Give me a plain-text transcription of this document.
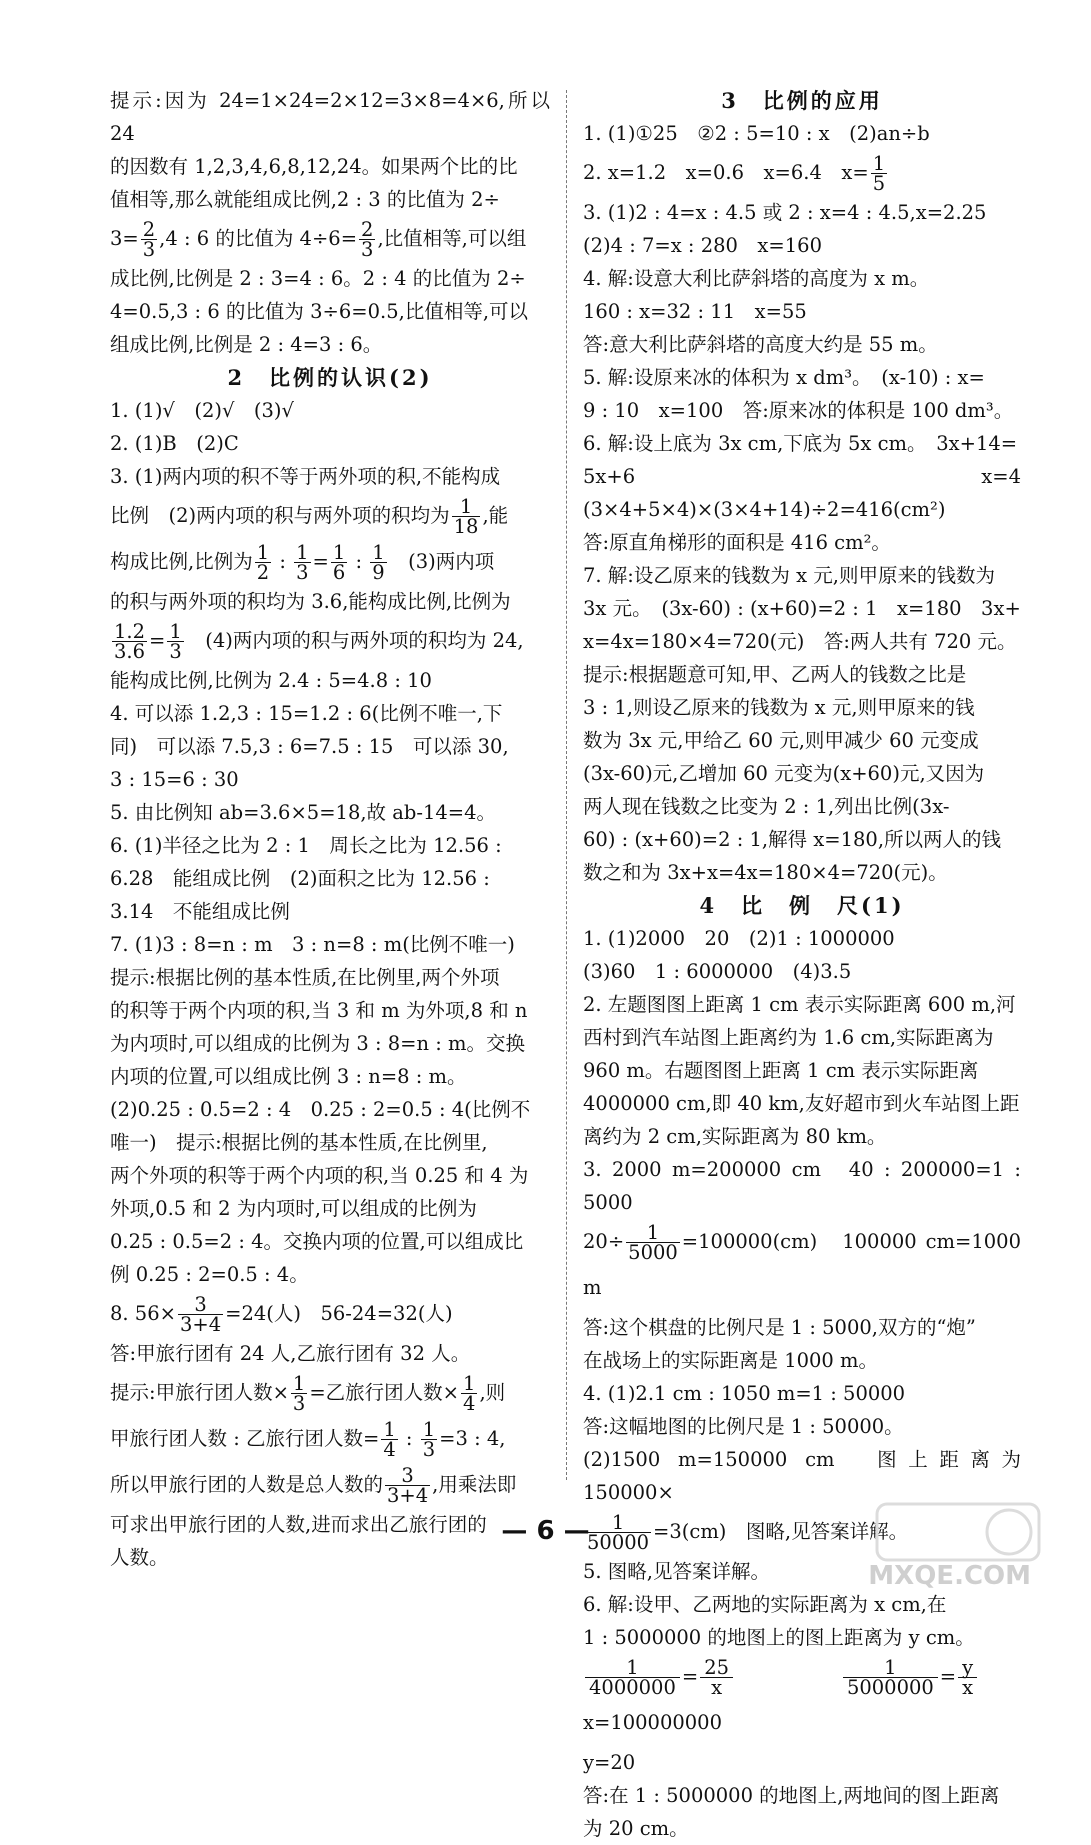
提示:因为 24=1×24=2×12=3×8=4×6,所以 24

的因数有 1,2,3,4,6,8,12,24。如果两个比的比

值相等,那么就能组成比例,2 : 3 的比值为 2÷

$3= \frac{2}{3} ,4$ : 6 的比值为 $4\div 6= \frac{2}{3}$ ,比值相等,可以组

成比例,比例是 2 : 3=4 : 6。2 : 4 的比值为 2÷

4=0.5,3 : 6 的比值为 3÷6=0.5,比值相等,可以

组成比例,比例是 2 : 4=3 : 6。

2　比例的认识(2)

1. (1)√　(2)√　(3)√

2. (1)B　(2)C

3. (1)两内项的积不等于两外项的积,不能构成

比例　(2)两内项的积与两外项的积均为 $\frac{1}{18}$ ,能

构成比例,比例为 $\frac{1}{2}$ : $\frac{1}{3} = \frac{1}{6}$ : $\frac{1}{9}$ 　(3)两内项

的积与两外项的积均为 3.6,能构成比例,比例为

$\frac{1.2}{3.6} = \frac{1}{3}$ 　(4)两内项的积与两外项的积均为 24,

能构成比例,比例为 2.4 : 5=4.8 : 10

4. 可以添 1.2,3 : 15=1.2 : 6(比例不唯一,下

同)　可以添 7.5,3 : 6=7.5 : 15　可以添 30,

3 : 15=6 : 30

5. 由比例知 ab=3.6×5=18,故 ab-14=4。

6. (1)半径之比为 2 : 1　周长之比为 12.56 :

6.28　能组成比例　(2)面积之比为 12.56 :

3.14　不能组成比例

7. (1)3 : 8=n : m　3 : n=8 : m(比例不唯一)

提示:根据比例的基本性质,在比例里,两个外项

的积等于两个内项的积,当 3 和 m 为外项,8 和 n

为内项时,可以组成的比例为 3 : 8=n : m。交换

内项的位置,可以组成比例 3 : n=8 : m。

(2)0.25 : 0.5=2 : 4　0.25 : 2=0.5 : 4(比例不

唯一)　提示:根据比例的基本性质,在比例里,

两个外项的积等于两个内项的积,当 0.25 和 4 为

外项,0.5 和 2 为内项时,可以组成的比例为

0.25 : 0.5=2 : 4。交换内项的位置,可以组成比

例 0.25 : 2=0.5 : 4。

8. $56\times \frac{3}{3+4} =24$(人)　56-24=32(人)

答:甲旅行团有 24 人,乙旅行团有 32 人。

提示:甲旅行团人数× $\frac{1}{3}$ =乙旅行团人数× $\frac{1}{4}$ ,则

甲旅行团人数 : 乙旅行团人数= $\frac{1}{4}$ : $\frac{1}{3} =3$ : 4,

所以甲旅行团的人数是总人数的 $\frac{3}{3+4}$ ,用乘法即

可求出甲旅行团的人数,进而求出乙旅行团的

人数。

3　比例的应用

1. (1)①25　②2 : 5=10 : x　(2)an÷b

2. x=1.2　x=0.6　x=6.4　$x= \frac{1}{5}$

3. (1)2 : 4=x : 4.5 或 2 : x=4 : 4.5,x=2.25

(2)4 : 7=x : 280　x=160

4. 解:设意大利比萨斜塔的高度为 x m。

160 : x=32 : 11　x=55

答:意大利比萨斜塔的高度大约是 55 m。

5. 解:设原来冰的体积为 x dm³。　(x-10) : x=

9 : 10　x=100　答:原来冰的体积是 100 dm³。

6. 解:设上底为 3x cm,下底为 5x cm。　3x+14=

5x+6　x=4　(3×4+5×4)×(3×4+14)÷2=416(cm²)

答:原直角梯形的面积是 416 cm²。

7. 解:设乙原来的钱数为 x 元,则甲原来的钱数为

3x 元。　(3x-60) : (x+60)=2 : 1　x=180　3x+

x=4x=180×4=720(元)　答:两人共有 720 元。

提示:根据题意可知,甲、乙两人的钱数之比是

3 : 1,则设乙原来的钱数为 x 元,则甲原来的钱

数为 3x 元,甲给乙 60 元,则甲减少 60 元变成

(3x-60)元,乙增加 60 元变为(x+60)元,又因为

两人现在钱数之比变为 2 : 1,列出比例(3x-

60) : (x+60)=2 : 1,解得 x=180,所以两人的钱

数之和为 3x+x=4x=180×4=720(元)。

4　比　例　尺(1)

1. (1)2000　20　(2)1 : 1000000

(3)60　1 : 6000000　(4)3.5

2. 左题图图上距离 1 cm 表示实际距离 600 m,河

西村到汽车站图上距离约为 1.6 cm,实际距离为

960 m。右题图图上距离 1 cm 表示实际距离

4000000 cm,即 40 km,友好超市到火车站图上距

离约为 2 cm,实际距离为 80 km。

3. 2000 m=200000 cm　40 : 200000=1 : 5000

$20\div \frac{1}{5000} =100000(cm)$　100000 cm=1000 m

答:这个棋盘的比例尺是 1 : 5000,双方的“炮”

在战场上的实际距离是 1000 m。

4. (1)2.1 cm : 1050 m=1 : 50000

答:这幅地图的比例尺是 1 : 50000。

(2)1500 m=150000 cm　图上距离为 150000×

$\frac{1}{50000} =3(cm)$　图略,见答案详解。

5. 图略,见答案详解。

6. 解:设甲、乙两地的实际距离为 x cm,在

1 : 5000000 的地图上的图上距离为 y cm。

$\frac{1}{4000000} = \frac{25}{x}$
　　	$\frac{1}{5000000} = \frac{y}{x}$ 　x=100000000

y=20

答:在 1 : 5000000 的地图上,两地间的图上距离

为 20 cm。

— 6 —
MXQE.COM
